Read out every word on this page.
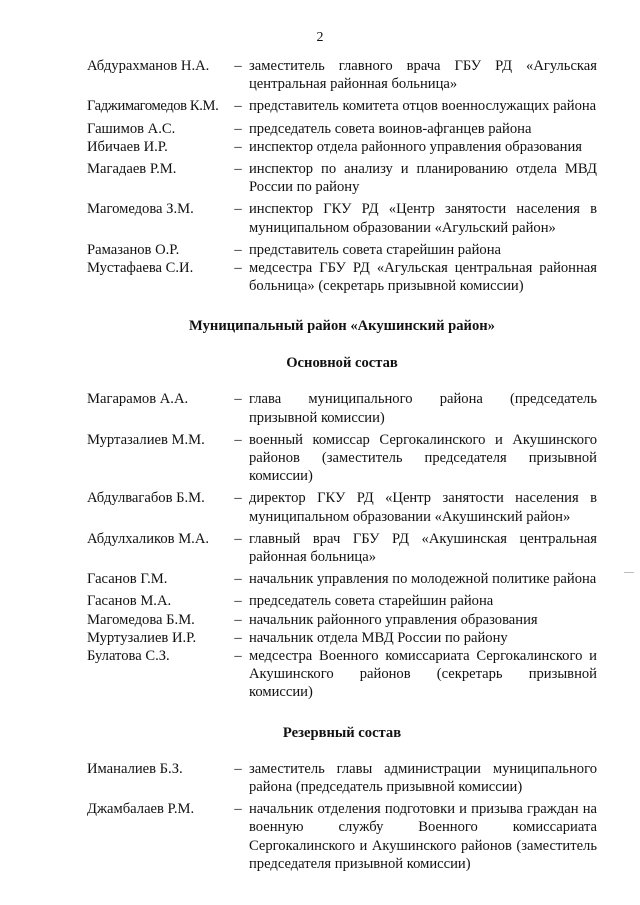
2
Абдурахманов Н.А.	– заместитель главного врача ГБУ РД «Агульская центральная районная больница»
Гаджимагомедов К.М.	– представитель комитета отцов военнослужащих района
Гашимов А.С.	– председатель совета воинов-афганцев района
Ибичаев И.Р.	– инспектор отдела районного управления образования
Магадаев Р.М.	– инспектор по анализу и планированию отдела МВД России по району
Магомедова З.М.	– инспектор ГКУ РД «Центр занятости населения в муниципальном образовании «Агульский район»
Рамазанов О.Р.	– представитель совета старейшин района
Мустафаева С.И.	– медсестра ГБУ РД «Агульская центральная районная больница» (секретарь призывной комиссии)
Муниципальный район «Акушинский район»
Основной состав
Магарамов А.А.	– глава муниципального района (председатель призывной комиссии)
Муртазалиев М.М.	– военный комиссар Сергокалинского и Акушинского районов (заместитель председателя призывной комиссии)
Абдулвагабов Б.М.	– директор ГКУ РД «Центр занятости населения в муниципальном образовании «Акушинский район»
Абдулхаликов М.А.	– главный врач ГБУ РД «Акушинская центральная районная больница»
Гасанов Г.М.	– начальник управления по молодежной политике района
Гасанов М.А.	– председатель совета старейшин района
Магомедова Б.М.	– начальник районного управления образования
Муртузалиев И.Р.	– начальник отдела МВД России по району
Булатова С.З.	– медсестра Военного комиссариата Сергокалинского и Акушинского районов (секретарь призывной комиссии)
Резервный состав
Иманалиев Б.З.	– заместитель главы администрации муниципального района (председатель призывной комиссии)
Джамбалаев Р.М.	– начальник отделения подготовки и призыва граждан на военную службу Военного комиссариата Сергокалинского и Акушинского районов (заместитель председателя призывной комиссии)
